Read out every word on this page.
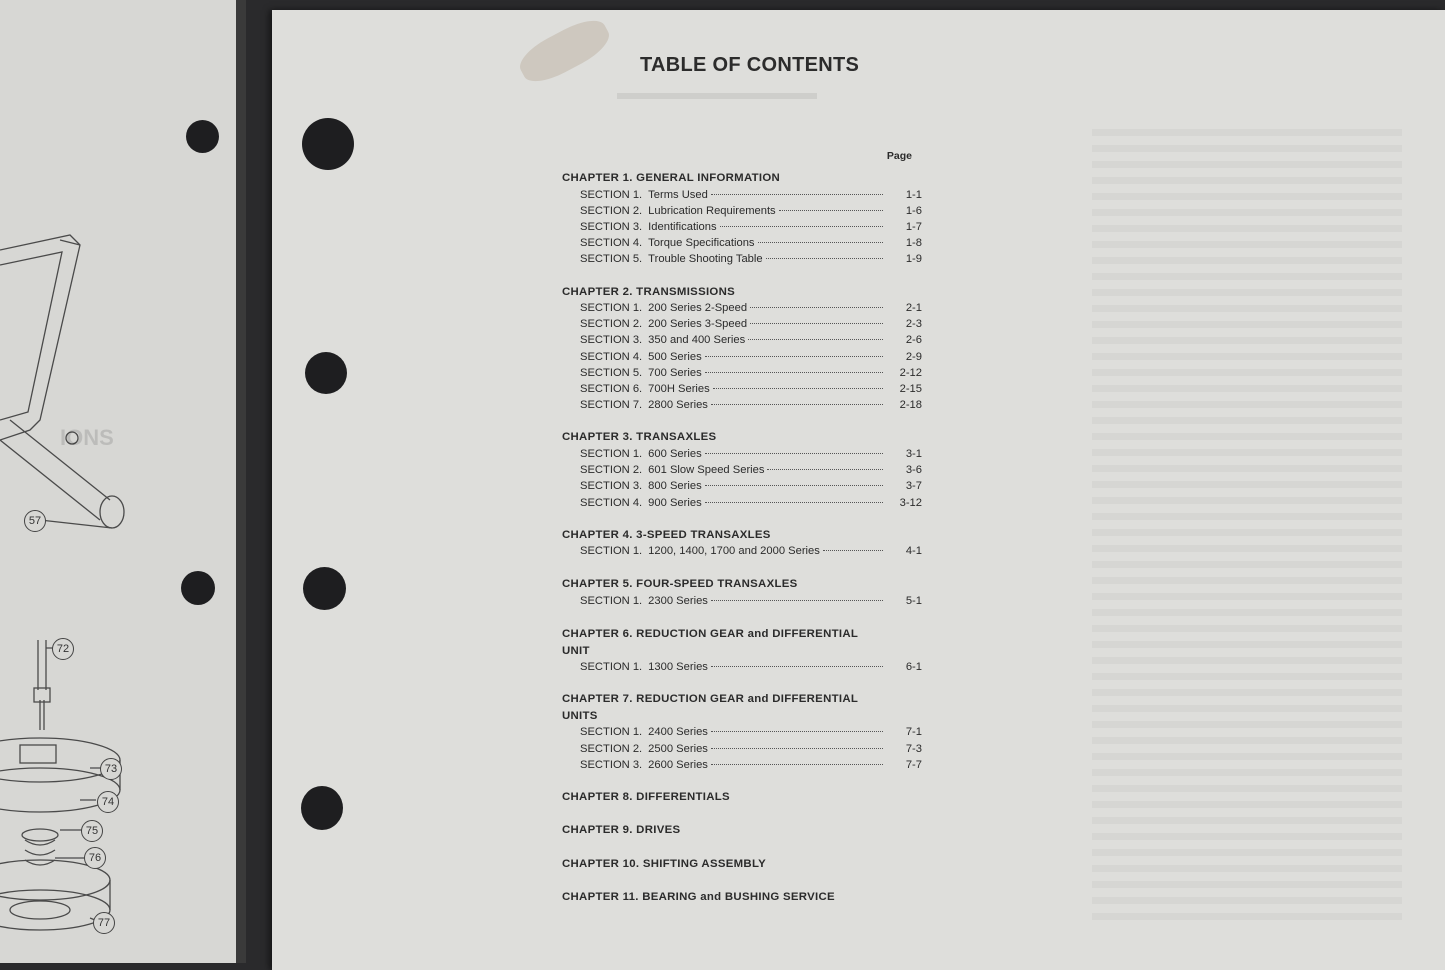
IONS
57
72
73
74
75
76
77
▬▬▬▬▬▬▬▬▬▬
TABLE OF CONTENTS
Page
CHAPTER 1. GENERAL INFORMATION
SECTION 1. Terms Used	1-1
SECTION 2. Lubrication Requirements	1-6
SECTION 3. Identifications	1-7
SECTION 4. Torque Specifications	1-8
SECTION 5. Trouble Shooting Table	1-9
CHAPTER 2. TRANSMISSIONS
SECTION 1. 200 Series 2-Speed	2-1
SECTION 2. 200 Series 3-Speed	2-3
SECTION 3. 350 and 400 Series	2-6
SECTION 4. 500 Series	2-9
SECTION 5. 700 Series	2-12
SECTION 6. 700H Series	2-15
SECTION 7. 2800 Series	2-18
CHAPTER 3. TRANSAXLES
SECTION 1. 600 Series	3-1
SECTION 2. 601 Slow Speed Series	3-6
SECTION 3. 800 Series	3-7
SECTION 4. 900 Series	3-12
CHAPTER 4. 3-SPEED TRANSAXLES
SECTION 1. 1200, 1400, 1700 and 2000 Series	4-1
CHAPTER 5. FOUR-SPEED TRANSAXLES
SECTION 1. 2300 Series	5-1
CHAPTER 6. REDUCTION GEAR and DIFFERENTIAL UNIT
SECTION 1. 1300 Series	6-1
CHAPTER 7. REDUCTION GEAR and DIFFERENTIAL UNITS
SECTION 1. 2400 Series	7-1
SECTION 2. 2500 Series	7-3
SECTION 3. 2600 Series	7-7
CHAPTER 8. DIFFERENTIALS
CHAPTER 9. DRIVES
CHAPTER 10. SHIFTING ASSEMBLY
CHAPTER 11. BEARING and BUSHING SERVICE
